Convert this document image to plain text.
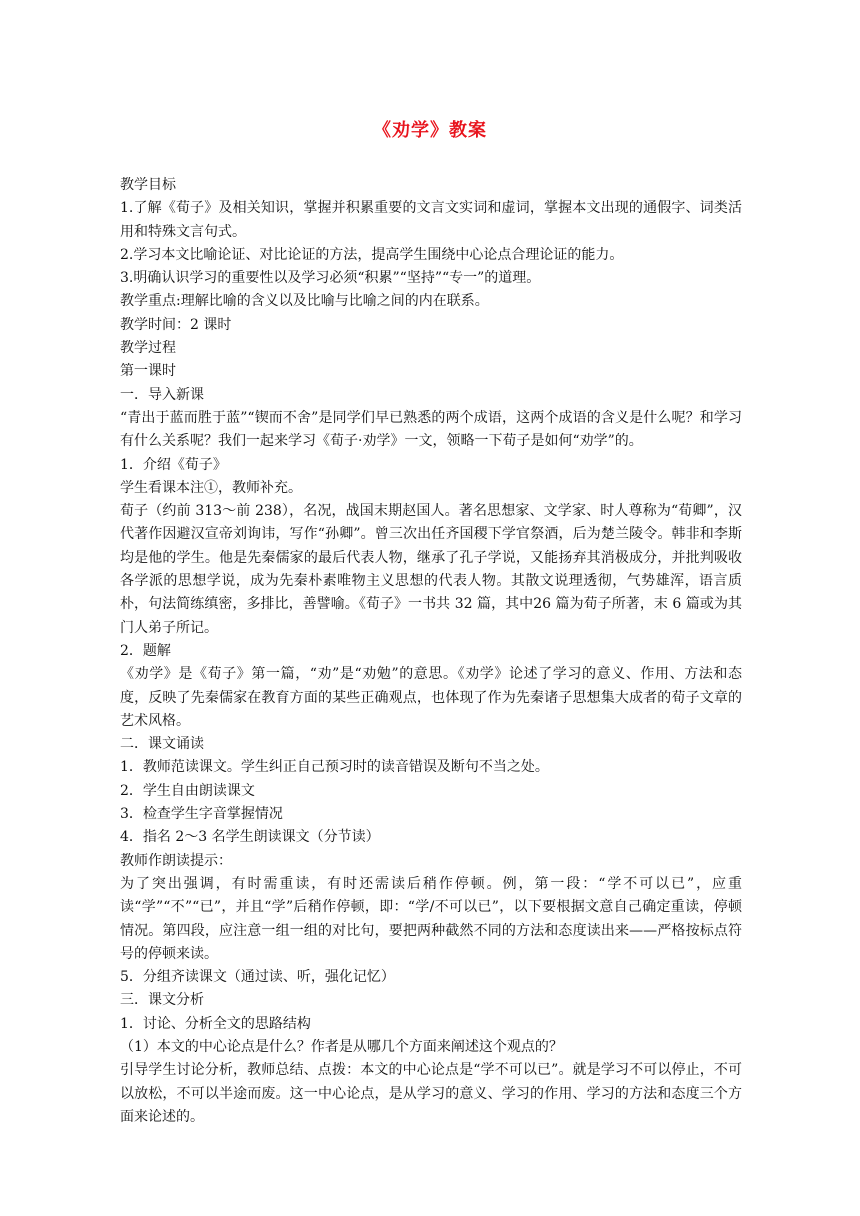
《劝学》教案

教学目标

1.了解《荀子》及相关知识，掌握并积累重要的文言文实词和虚词，掌握本文出现的通假字、词类活用和特殊文言句式。

2.学习本文比喻论证、对比论证的方法，提高学生围绕中心论点合理论证的能力。

3.明确认识学习的重要性以及学习必须“积累”“坚持”“专一”的道理。

教学重点:理解比喻的含义以及比喻与比喻之间的内在联系。

教学时间：2 课时

教学过程

第一课时

一．导入新课

“青出于蓝而胜于蓝”“锲而不舍”是同学们早已熟悉的两个成语，这两个成语的含义是什么呢？和学习有什么关系呢？我们一起来学习《荀子·劝学》一文，领略一下荀子是如何“劝学”的。

1．介绍《荀子》

学生看课本注①，教师补充。

荀子（约前 313～前 238），名况，战国末期赵国人。著名思想家、文学家、时人尊称为“荀卿”，汉代著作因避汉宣帝刘询讳，写作“孙卿”。曾三次出任齐国稷下学官祭酒，后为楚兰陵令。韩非和李斯均是他的学生。他是先秦儒家的最后代表人物，继承了孔子学说，又能扬弃其消极成分，并批判吸收各学派的思想学说，成为先秦朴素唯物主义思想的代表人物。其散文说理透彻，气势雄浑，语言质朴，句法简练缜密，多排比，善譬喻。《荀子》一书共 32 篇，其中26 篇为荀子所著，末 6 篇或为其门人弟子所记。

2．题解

《劝学》是《荀子》第一篇，“劝”是“劝勉”的意思。《劝学》论述了学习的意义、作用、方法和态度，反映了先秦儒家在教育方面的某些正确观点，也体现了作为先秦诸子思想集大成者的荀子文章的艺术风格。

二．课文诵读

1．教师范读课文。学生纠正自己预习时的读音错误及断句不当之处。

2．学生自由朗读课文

3．检查学生字音掌握情况

4．指名 2～3 名学生朗读课文（分节读）

教师作朗读提示：

为了突出强调，有时需重读，有时还需读后稍作停顿。例，第一段：“学不可以已”，应重读“学”“不”“已”，并且“学”后稍作停顿，即：“学/不可以已”，以下要根据文意自己确定重读，停顿情况。第四段，应注意一组一组的对比句，要把两种截然不同的方法和态度读出来——严格按标点符号的停顿来读。

5．分组齐读课文（通过读、听，强化记忆）

三．课文分析

1．讨论、分析全文的思路结构

（1）本文的中心论点是什么？作者是从哪几个方面来阐述这个观点的？

引导学生讨论分析，教师总结、点拨：本文的中心论点是“学不可以已”。就是学习不可以停止，不可以放松，不可以半途而废。这一中心论点，是从学习的意义、学习的作用、学习的方法和态度三个方面来论述的。
